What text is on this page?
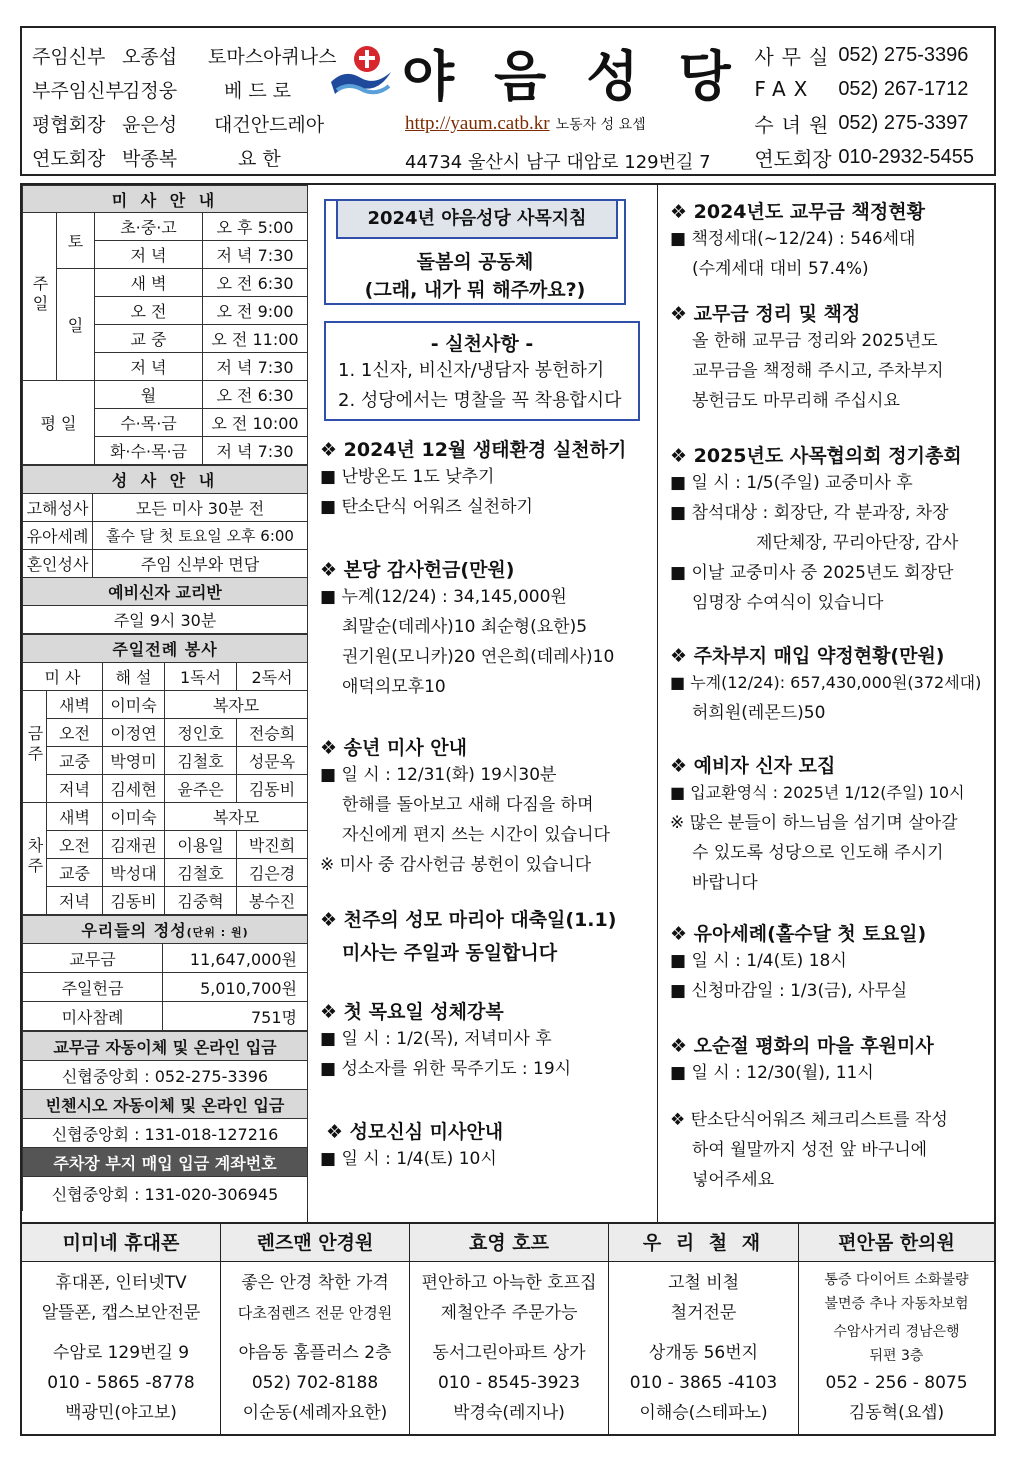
주임신부 오종섭	토마스아퀴나스
부주임신부
김정웅	베 드 로
평협회장 윤은성	대건안드레아
연도회장 박종복	요 한
야음성당
http://yaum.catb.kr 노동자 성 요셉
44734 울산시 남구 대암로 129번길 7
사무실 052) 275-3396
FAX	052) 267-1712
수녀원 052) 275-3397
연도회장 010-2932-5455
미 사 안 내			
주일	토	초·중·고	오 후 5:00
		저 녁	저 녁 7:30
	일	새 벽	오 전 6:30
		오 전	오 전 9:00
		교 중	오 전 11:00
		저 녁	저 녁 7:30
평 일		월	오 전 6:30
		수·목·금	오 전 10:00
		화·수·목·금	저 녁 7:30
성 사 안 내	
고해성사	모든 미사 30분 전
유아세례	홀수 달 첫 토요일 오후 6:00
혼인성사	주임 신부와 면담
예비신자 교리반	
주일 9시 30분	
주일전례 봉사				
미 사		해 설	1독서	2독서
금주	새벽	이미숙	복자모	
	오전	이정연	정인호	전승희
	교중	박영미	김철호	성문옥
	저녁	김세현	윤주은	김동비
차주	새벽	이미숙	복자모	
	오전	김재권	이용일	박진희
	교중	박성대	김철호	김은경
	저녁	김동비	김중혁	봉수진
우리들의 정성(단위 : 원)	
교무금	11,647,000원
주일헌금	5,010,700원
미사참례	751명
교무금 자동이체 및 온라인 입금
신협중앙회 : 052-275-3396
빈첸시오 자동이체 및 온라인 입금
신협중앙회 : 131-018-127216
주차장 부지 매입 입금 계좌번호
신협중앙회 : 131-020-306945
2024년 야음성당 사목지침
돌봄의 공동체
(그래, 내가 뭐 해주까요?)
- 실천사항 -

1. 1신자, 비신자/냉담자 봉헌하기

2. 성당에서는 명찰을 꼭 착용합시다

❖ 2024년 12월 생태환경 실천하기

■ 난방온도 1도 낮추기

■ 탄소단식 어워즈 실천하기

❖ 본당 감사헌금(만원)

■ 누계(12/24) : 34,145,000원

최말순(데레사)10 최순형(요한)5

권기원(모니카)20 연은희(데레사)10

애덕의모후10

❖ 송년 미사 안내

■ 일 시 : 12/31(화) 19시30분

한해를 돌아보고 새해 다짐을 하며

자신에게 편지 쓰는 시간이 있습니다

※ 미사 중 감사헌금 봉헌이 있습니다

❖ 천주의 성모 마리아 대축일(1.1)
미사는 주일과 동일합니다
❖ 첫 목요일 성체강복

■ 일 시 : 1/2(목), 저녁미사 후

■ 성소자를 위한 묵주기도 : 19시

❖ 성모신심 미사안내

■ 일 시 : 1/4(토) 10시

❖ 2024년도 교무금 책정현황

■ 책정세대(~12/24) : 546세대

(수계세대 대비 57.4%)

❖ 교무금 정리 및 책정

올 한해 교무금 정리와 2025년도

교무금을 책정해 주시고, 주차부지

봉헌금도 마무리해 주십시요

❖ 2025년도 사목협의회 정기총회

■ 일 시 : 1/5(주일) 교중미사 후

■ 참석대상 : 회장단, 각 분과장, 차장

제단체장, 꾸리아단장, 감사

■ 이날 교중미사 중 2025년도 회장단

임명장 수여식이 있습니다

❖ 주차부지 매입 약정현황(만원)

■ 누계(12/24): 657,430,000원(372세대)

허희원(레몬드)50

❖ 예비자 신자 모집

■ 입교환영식 : 2025년 1/12(주일) 10시

※ 많은 분들이 하느님을 섬기며 살아갈

수 있도록 성당으로 인도해 주시기

바랍니다

❖ 유아세례(홀수달 첫 토요일)

■ 일 시 : 1/4(토) 18시

■ 신청마감일 : 1/3(금), 사무실

❖ 오순절 평화의 마을 후원미사

■ 일 시 : 12/30(월), 11시

❖ 탄소단식어워즈 체크리스트를 작성

하여 월말까지 성전 앞 바구니에

넣어주세요

미미네 휴대폰
휴대폰, 인터넷TV
알뜰폰, 캡스보안전문
수암로 129번길 9
010 - 5865 -8778
백광민(야고보)
렌즈맨 안경원
좋은 안경 착한 가격
다초점렌즈 전문 안경원
야음동 홈플러스 2층
052) 702-8188
이순동(세례자요한)
효영 호프
편안하고 아늑한 호프집
제철안주 주문가능
동서그린아파트 상가
010 - 8545-3923
박경숙(레지나)
우 리 철 재
고철 비철
철거전문
상개동 56번지
010 - 3865 -4103
이해승(스테파노)
편안몸 한의원
통증 다이어트 소화불량
불면증 추나 자동차보험
수암사거리 경남은행
뒤편 3층
052 - 256 - 8075
김동혁(요셉)
